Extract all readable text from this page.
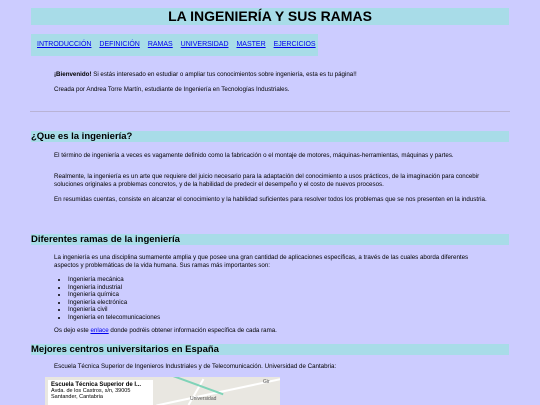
LA INGENIERÍA Y SUS RAMAS
INTRODUCCIÓN DEFINICIÓN RAMAS UNIVERSIDAD MASTER EJERCICIOS
¡Bienvenido! Si estás interesado en estudiar o ampliar tus conocimientos sobre ingeniería, esta es tu página!!
Creada por Andrea Torre Martín, estudiante de Ingeniería en Tecnologías Industriales.
¿Que es la ingeniería?
El término de ingeniería a veces es vagamente definido como la fabricación o el montaje de motores, máquinas-herramientas, máquinas y partes.
Realmente, la ingeniería es un arte que requiere del juicio necesario para la adaptación del conocimiento a usos prácticos, de la imaginación para concebir soluciones originales a problemas concretos, y de la habilidad de predecir el desempeño y el costo de nuevos procesos.
En resumidas cuentas, consiste en alcanzar el conocimiento y la habilidad suficientes para resolver todos los problemas que se nos presenten en la industria.
Diferentes ramas de la ingeniería
La ingeniería es una disciplina sumamente amplia y que posee una gran cantidad de aplicaciones específicas, a través de las cuales aborda diferentes aspectos y problemáticas de la vida humana. Sus ramas más importantes son:
• Ingeniería mecánica
• Ingeniería industrial
• Ingeniería química
• Ingeniería electrónica
• Ingeniería civil
• Ingeniería en telecomunicaciones
Os dejo este enlace donde podréis obtener información específica de cada rama.
Mejores centros universitarios en España
Escuela Técnica Superior de Ingenieros Industriales y de Telecomunicación. Universidad de Cantabria:
Universidad
Gir
Escuela Técnica Superior de I...
Avda. de los Castros, s/n, 39005
Santander, Cantabria
